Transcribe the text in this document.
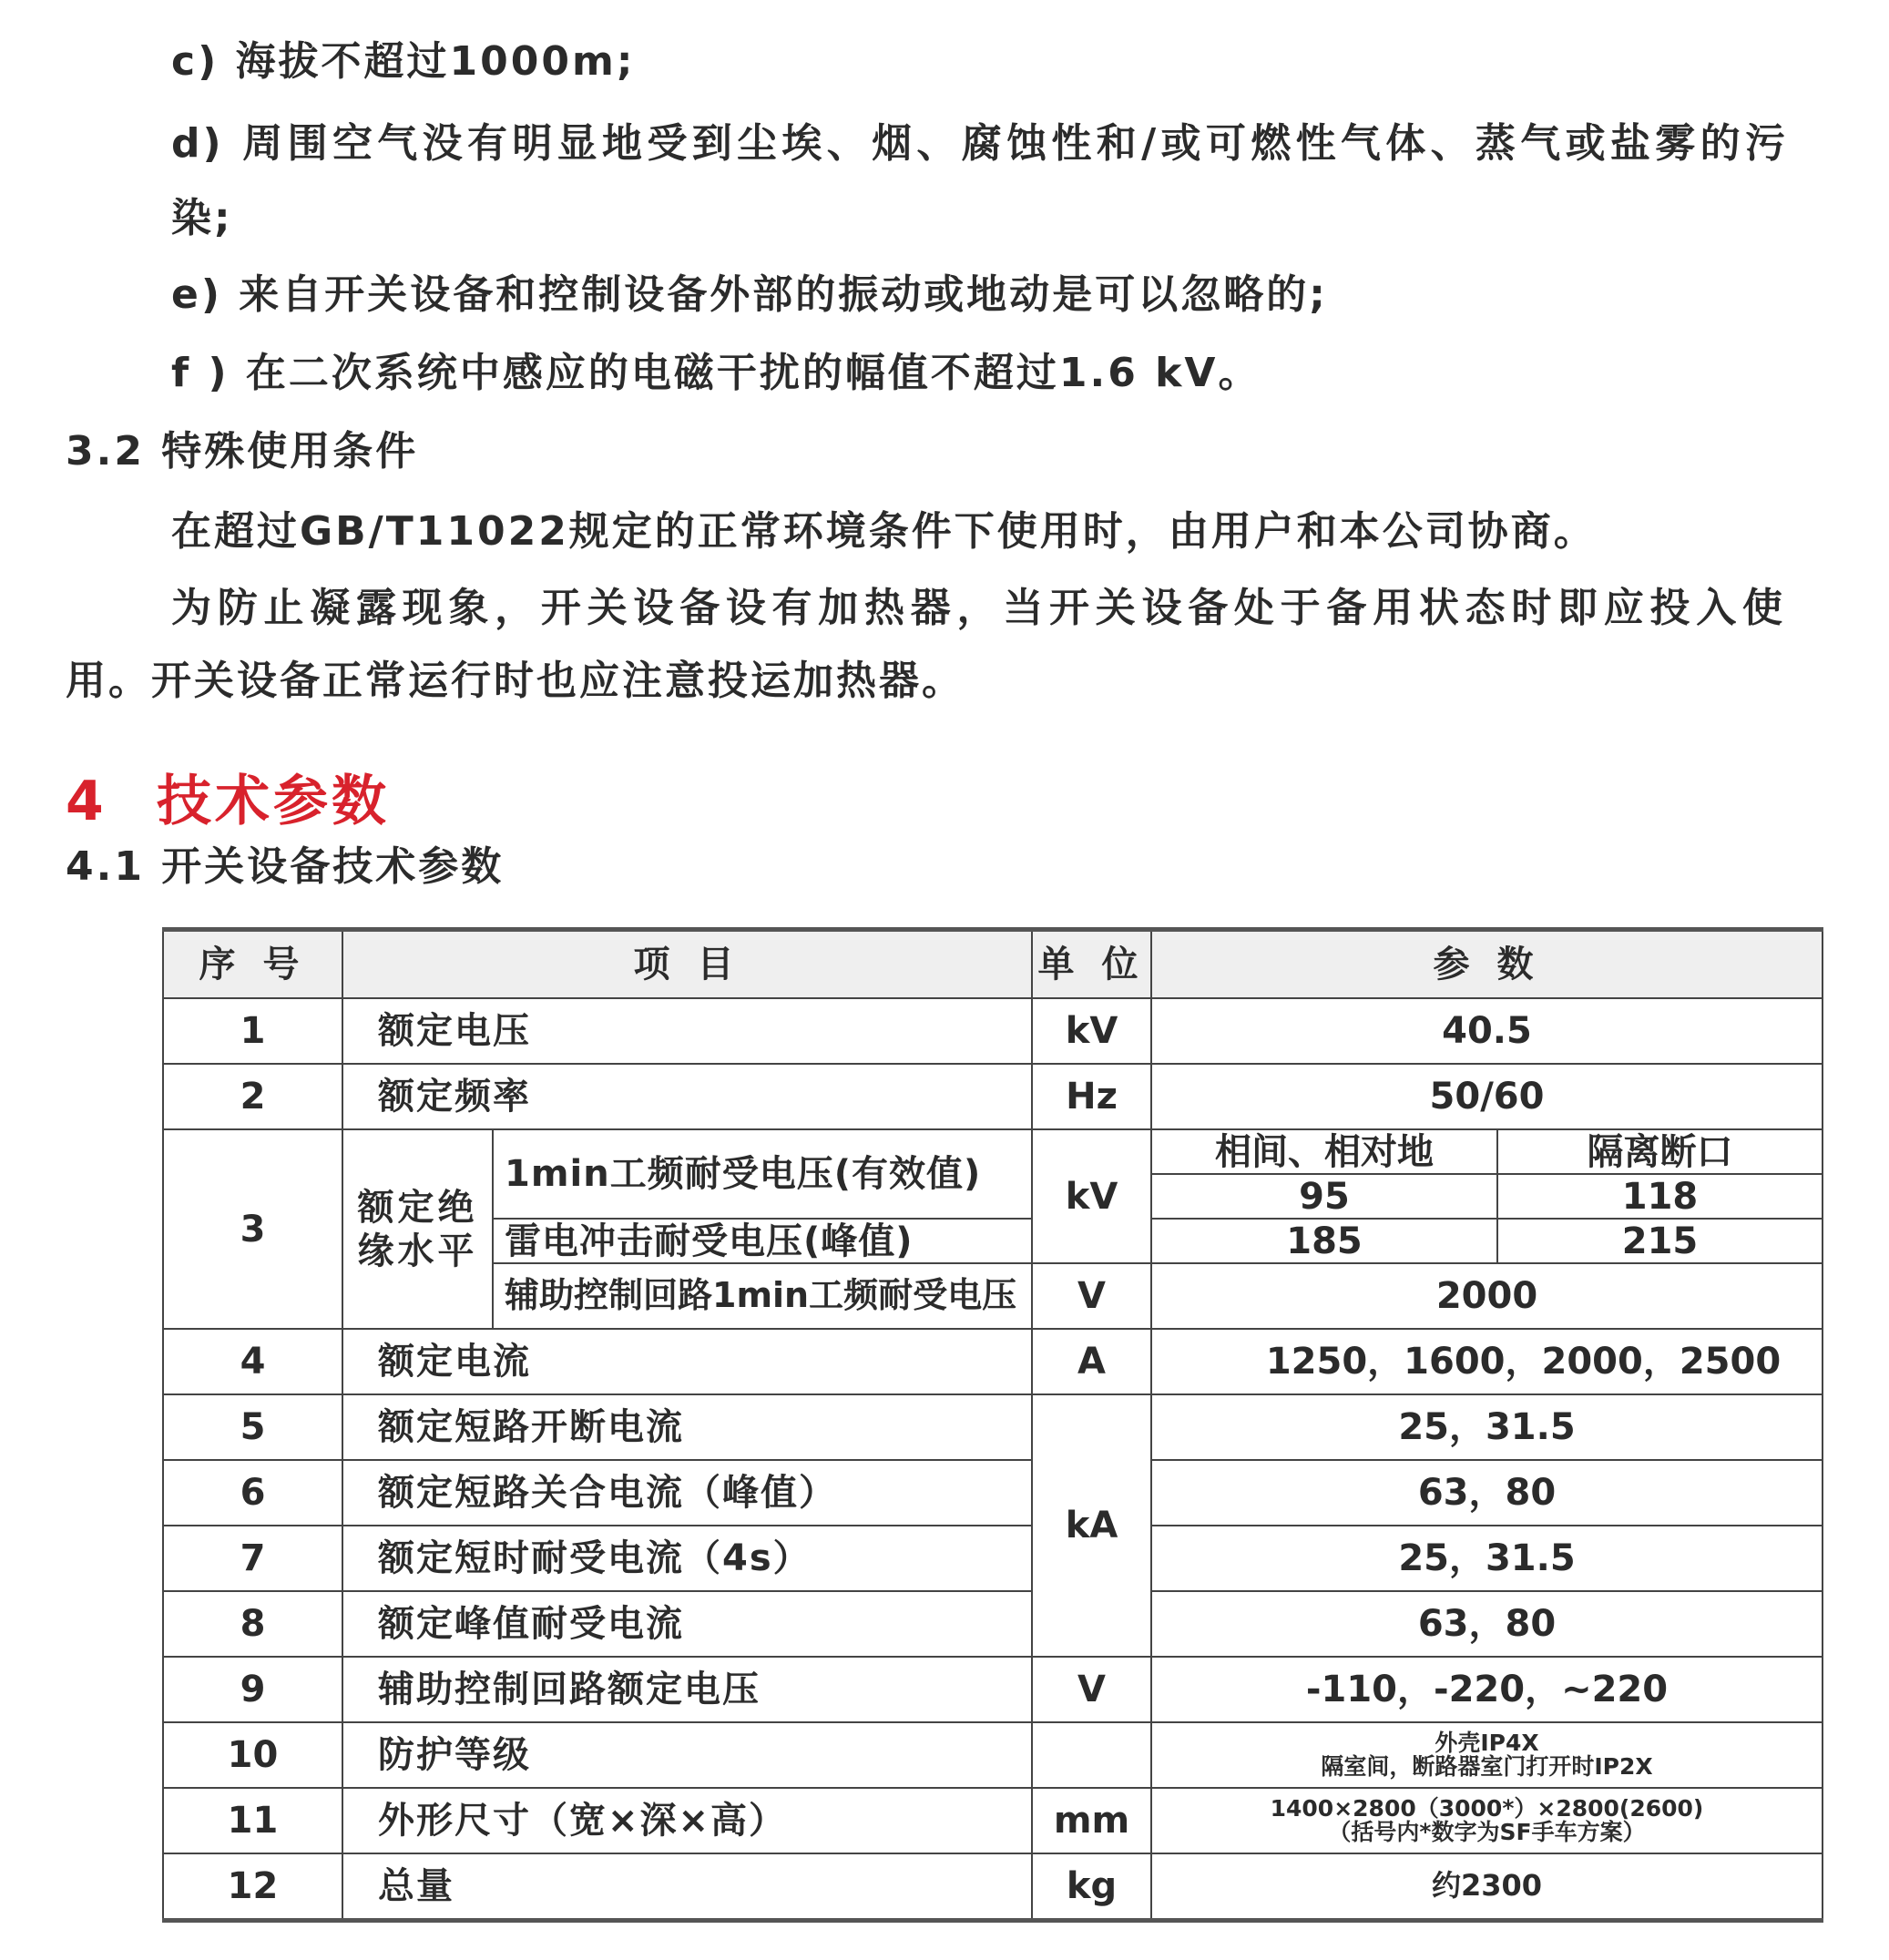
c) 海拔不超过1000m;

d) 周围空气没有明显地受到尘埃、烟、腐蚀性和/或可燃性气体、蒸气或盐雾的污

染;

e) 来自开关设备和控制设备外部的振动或地动是可以忽略的;

f ) 在二次系统中感应的电磁干扰的幅值不超过1.6 kV。

3.2 特殊使用条件

在超过GB/T11022规定的正常环境条件下使用时，由用户和本公司协商。

为防止凝露现象，开关设备设有加热器，当开关设备处于备用状态时即应投入使

用。开关设备正常运行时也应注意投运加热器。

4 技术参数

4.1 开关设备技术参数

序 号	项 目		单 位	参 数	
1	额定电压		kV	40.5	
2	额定频率		Hz	50/60	
3	额定绝缘水平	1min工频耐受电压(有效值)	kV	相间、相对地	隔离断口
				95	118
		雷电冲击耐受电压(峰值)		185	215
		辅助控制回路1min工频耐受电压	V	2000	
4	额定电流		A	1250，1600，2000，2500	
5	额定短路开断电流		kA	25，31.5	
6	额定短路关合电流（峰值）			63，80	
7	额定短时耐受电流（4s）			25，31.5	
8	额定峰值耐受电流			63，80	
9	辅助控制回路额定电压		V	-110，-220，~220	
10	防护等级			外壳IP4X
隔室间，断路器室门打开时IP2X	

11	外形尺寸（宽×深×高）		mm	1400×2800（3000*）×2800(2600)
（括号内*数字为SF手车方案）	

12	总量		kg	约2300	
